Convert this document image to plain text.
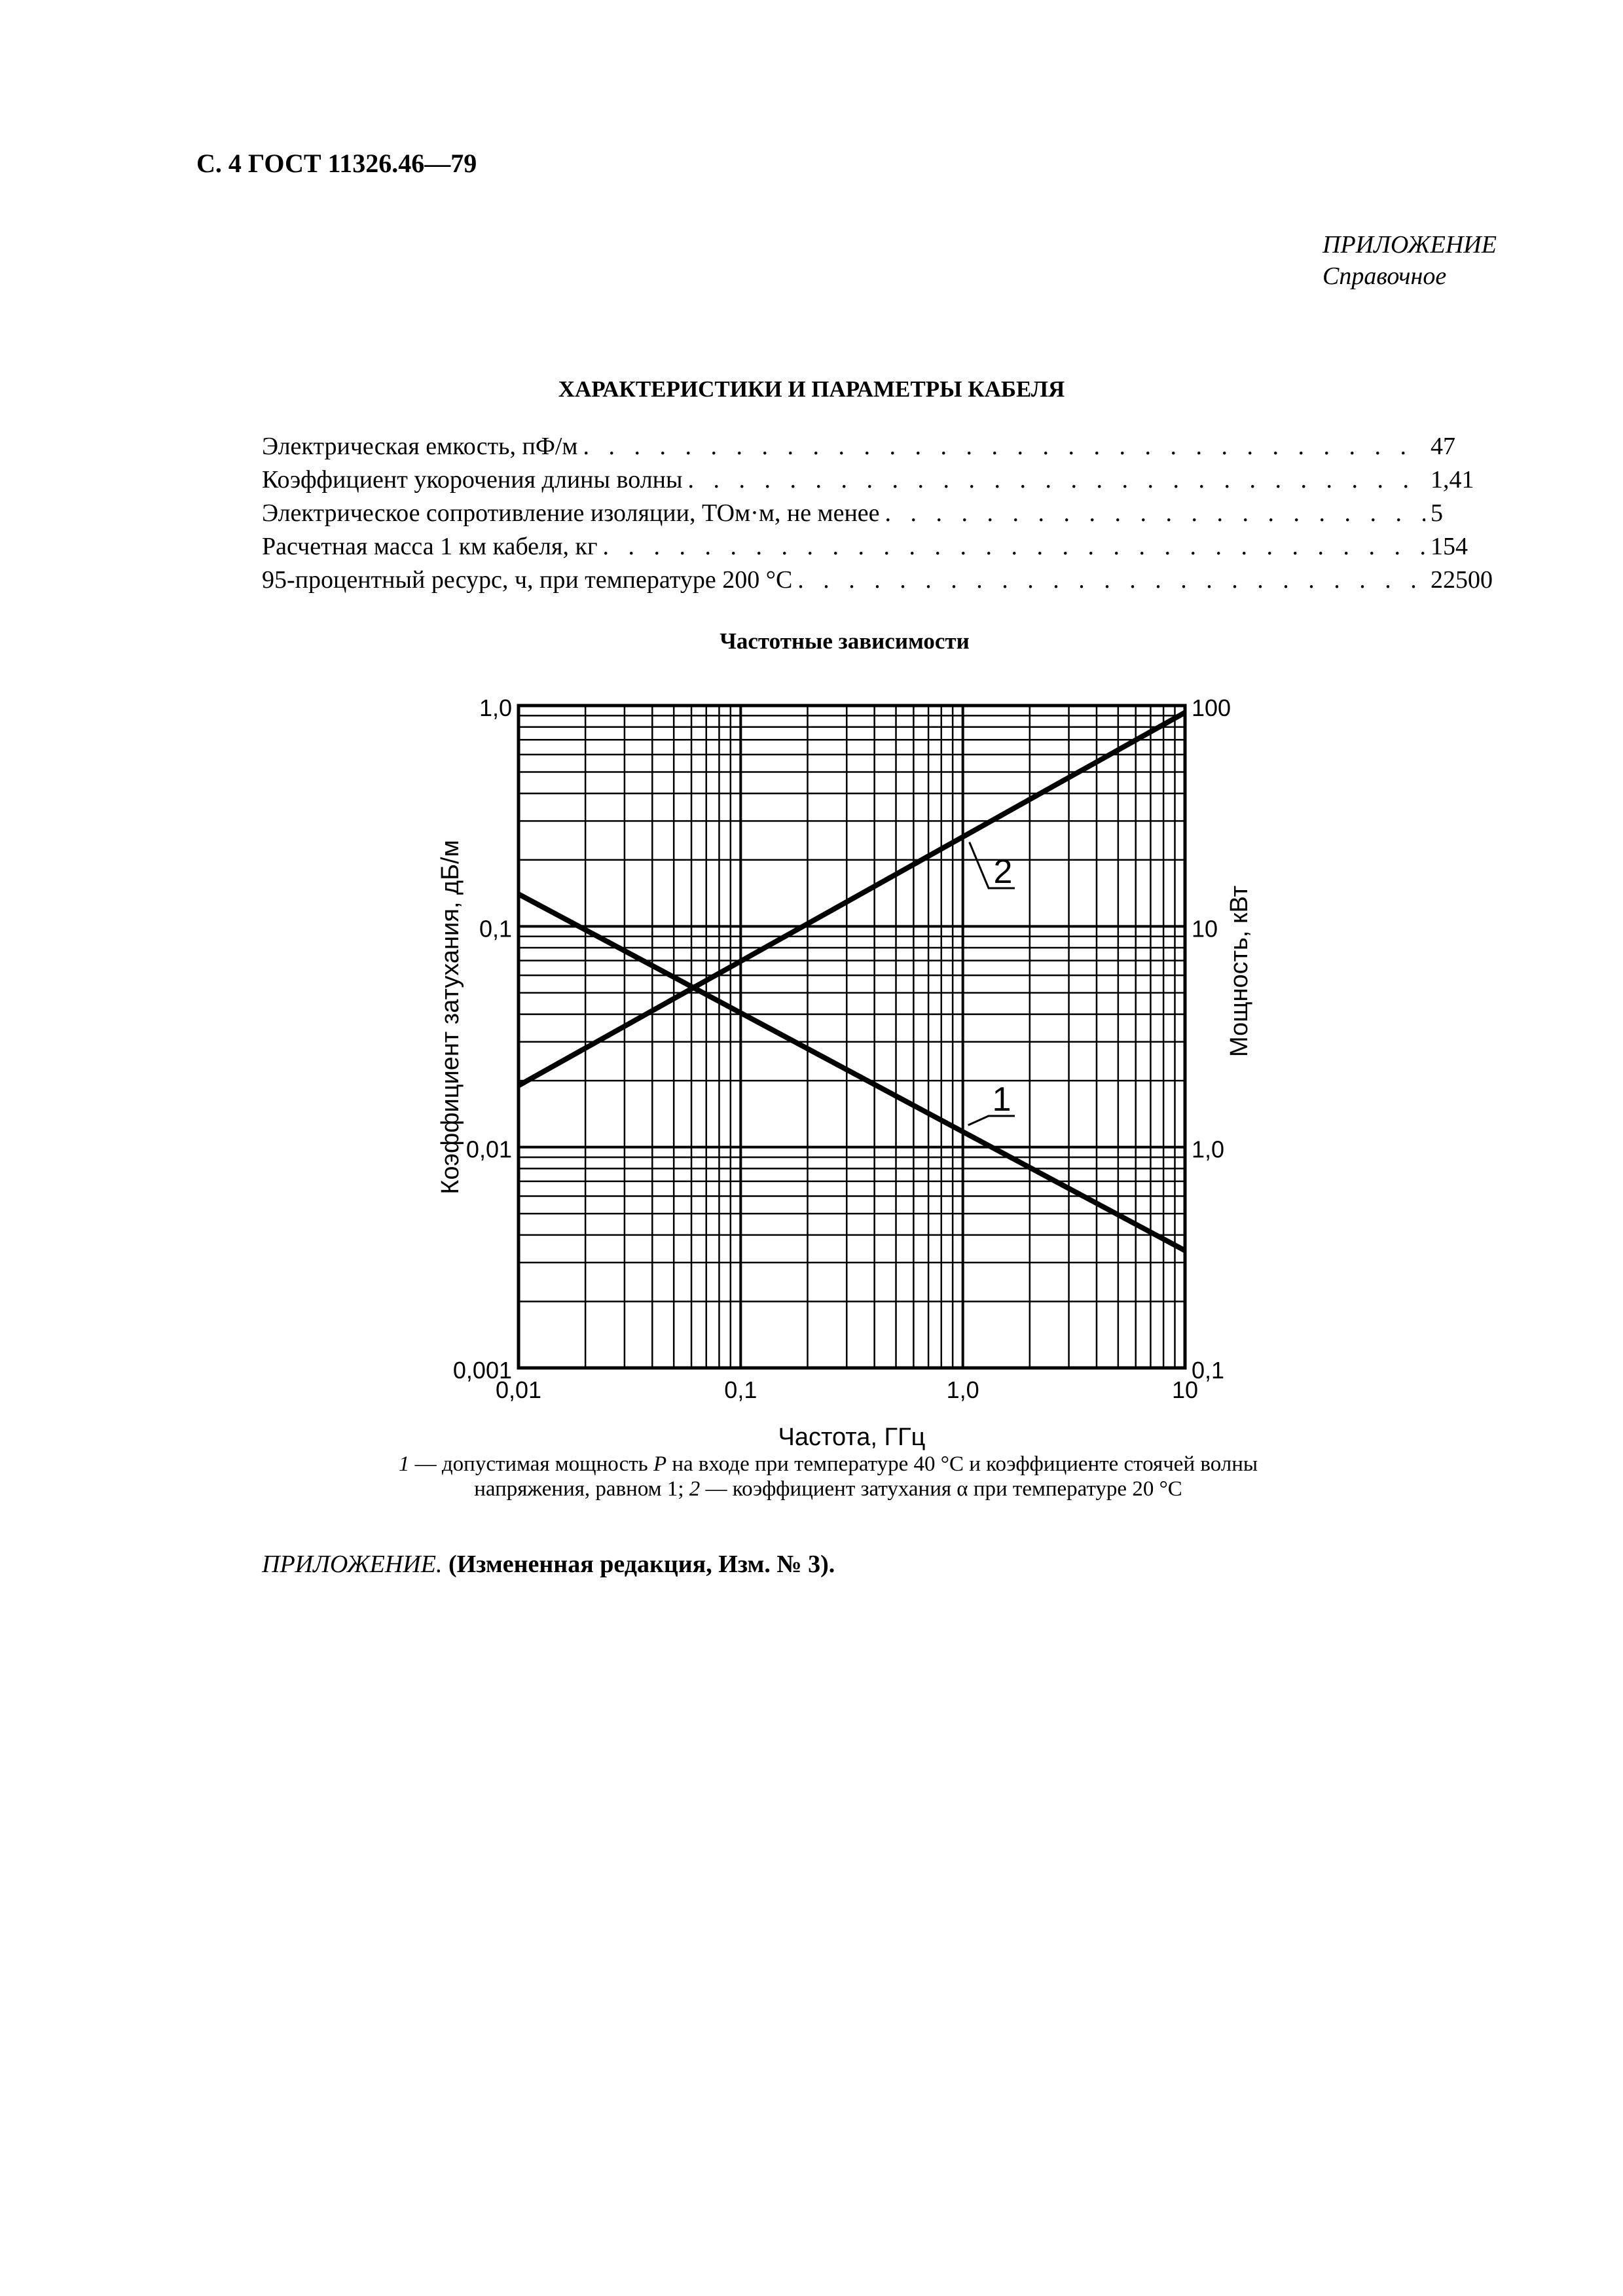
С. 4 ГОСТ 11326.46—79
ПРИЛОЖЕНИЕ
Справочное
ХАРАКТЕРИСТИКИ И ПАРАМЕТРЫ КАБЕЛЯ
Электрическая емкость, пФ/м . . .	47
Коэффициент укорочения длины волны . . .	1,41
Электрическое сопротивление изоляции, ТОм·м, не менее . . .	5
Расчетная масса 1 км кабеля, кг . . .	154
95-процентный ресурс, ч, при температуре 200 °С . . .	22500
Частотные зависимости
0,01	0,1	1,0	10
0,001
0,01
0,1
1,0
0,1
1,0
10
100
1
2
Частота, ГГц
Коэффициент затухания, дБ/м	Мощность, кВт
1 — допустимая мощность P на входе при температуре 40 °С и коэффициенте стоячей волны напряжения, равном 1; 2 — коэффициент затухания α при температуре 20 °С
ПРИЛОЖЕНИЕ. (Измененная редакция, Изм. № 3).
